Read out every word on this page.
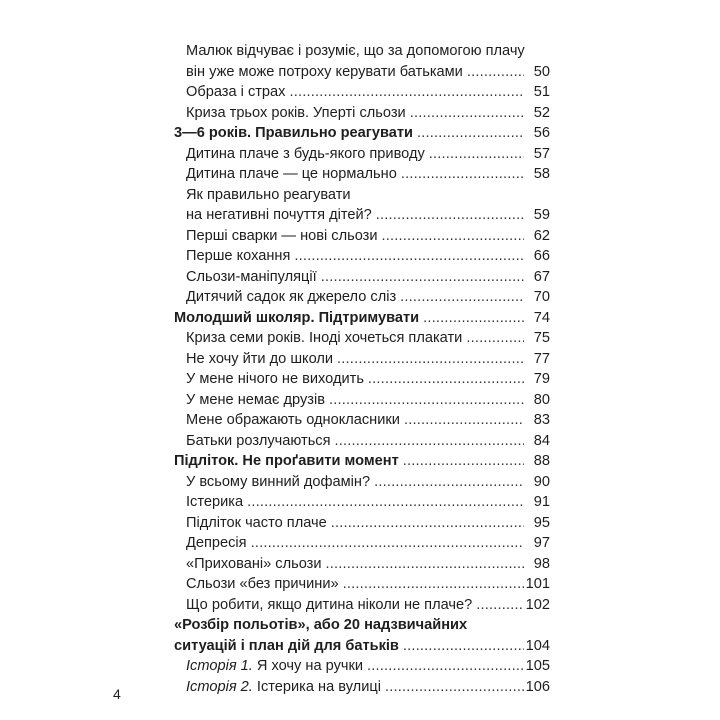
Малюк відчуває і розуміє, що за допомогою плачу
він уже може потроху керувати батьками .....	50
Образа і страх .....	51
Криза трьох років. Уперті сльози .....	52
3—6 років. Правильно реагувати .....	56
Дитина плаче з будь-якого приводу .....	57
Дитина плаче — це нормально .....	58
Як правильно реагувати
на негативні почуття дітей? .....	59
Перші сварки — нові сльози .....	62
Перше кохання .....	66
Сльози-маніпуляції .....	67
Дитячий садок як джерело сліз .....	70
Молодший школяр. Підтримувати .....	74
Криза семи років. Іноді хочеться плакати .....	75
Не хочу йти до школи .....	77
У мене нічого не виходить .....	79
У мене немає друзів .....	80
Мене ображають однокласники .....	83
Батьки розлучаються .....	84
Підліток. Не проґавити момент .....	88
У всьому винний дофамін? .....	90
Істерика .....	91
Підліток часто плаче .....	95
Депресія .....	97
«Приховані» сльози .....	98
Сльози «без причини» .....	101
Що робити, якщо дитина ніколи не плаче? .....	102
«Розбір польотів», або 20 надзвичайних
ситуацій і план дій для батьків .....	104
Історія 1. Я хочу на ручки .....	105
Історія 2. Істерика на вулиці .....	106
4
